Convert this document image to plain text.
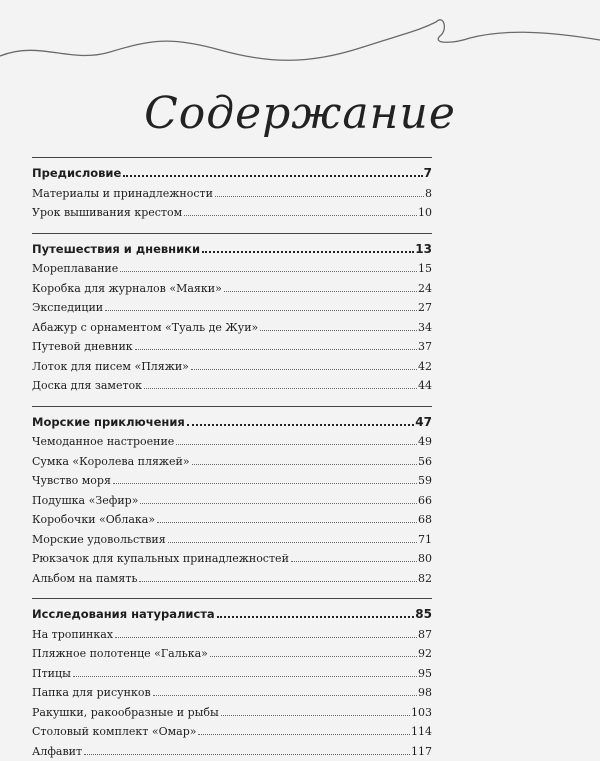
Содержание
Предисловие	7
Материалы и принадлежности	8
Урок вышивания крестом	10
Путешествия и дневники	13
Мореплавание	15
Коробка для журналов «Маяки»	24
Экспедиции	27
Абажур с орнаментом «Туаль де Жуи»	34
Путевой дневник	37
Лоток для писем «Пляжи»	42
Доска для заметок	44
Морские приключения	47
Чемоданное настроение	49
Сумка «Королева пляжей»	56
Чувство моря	59
Подушка «Зефир»	66
Коробочки «Облака»	68
Морские удовольствия	71
Рюкзачок для купальных принадлежностей	80
Альбом на память	82
Исследования натуралиста	85
На тропинках	87
Пляжное полотенце «Галька»	92
Птицы	95
Папка для рисунков	98
Ракушки, ракообразные и рыбы	103
Столовый комплект «Омар»	114
Алфавит	117
